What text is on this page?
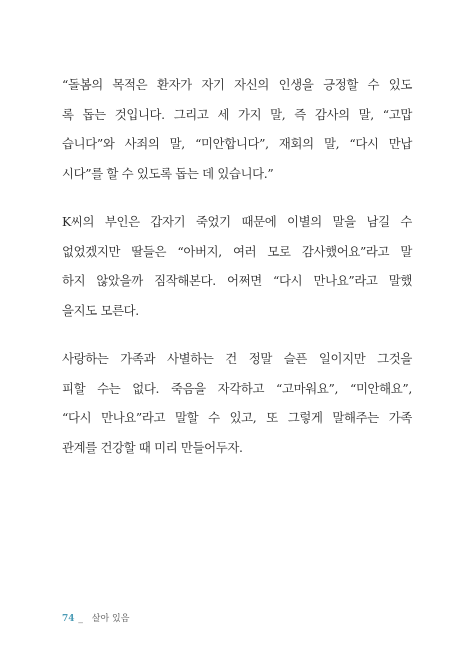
“돌봄의 목적은 환자가 자기 자신의 인생을 긍정할 수 있도
록 돕는 것입니다. 그리고 세 가지 말, 즉 감사의 말, “고맙
습니다”와 사죄의 말, “미안합니다”, 재회의 말, “다시 만납
시다”를 할 수 있도록 돕는 데 있습니다.”
K씨의 부인은 갑자기 죽었기 때문에 이별의 말을 남길 수
없었겠지만 딸들은 “아버지, 여러 모로 감사했어요”라고 말
하지 않았을까 짐작해본다. 어쩌면 “다시 만나요”라고 말했
을지도 모른다.
사랑하는 가족과 사별하는 건 정말 슬픈 일이지만 그것을
피할 수는 없다. 죽음을 자각하고 “고마워요”, “미안해요”,
“다시 만나요”라고 말할 수 있고, 또 그렇게 말해주는 가족
관계를 건강할 때 미리 만들어두자.
74 _ 살아 있음
